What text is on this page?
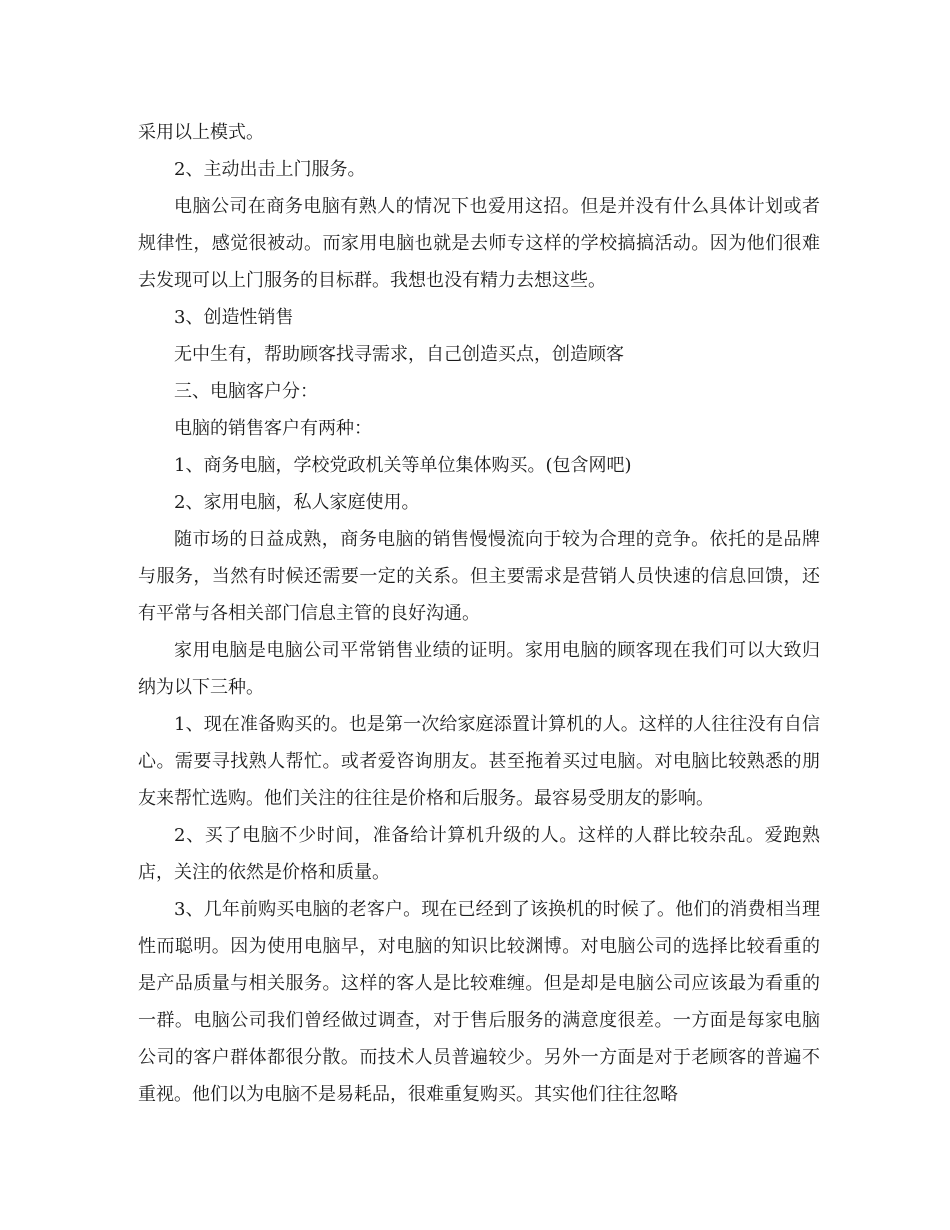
采用以上模式。

2、主动出击上门服务。

电脑公司在商务电脑有熟人的情况下也爱用这招。但是并没有什么具体计划或者规律性，感觉很被动。而家用电脑也就是去师专这样的学校搞搞活动。因为他们很难去发现可以上门服务的目标群。我想也没有精力去想这些。

3、创造性销售

无中生有，帮助顾客找寻需求，自己创造买点，创造顾客

三、电脑客户分：

电脑的销售客户有两种：

1、商务电脑，学校党政机关等单位集体购买。(包含网吧)

2、家用电脑，私人家庭使用。

随市场的日益成熟，商务电脑的销售慢慢流向于较为合理的竞争。依托的是品牌与服务，当然有时候还需要一定的关系。但主要需求是营销人员快速的信息回馈，还有平常与各相关部门信息主管的良好沟通。

家用电脑是电脑公司平常销售业绩的证明。家用电脑的顾客现在我们可以大致归纳为以下三种。

1、现在准备购买的。也是第一次给家庭添置计算机的人。这样的人往往没有自信心。需要寻找熟人帮忙。或者爱咨询朋友。甚至拖着买过电脑。对电脑比较熟悉的朋友来帮忙选购。他们关注的往往是价格和后服务。最容易受朋友的影响。

2、买了电脑不少时间，准备给计算机升级的人。这样的人群比较杂乱。爱跑熟店，关注的依然是价格和质量。

3、几年前购买电脑的老客户。现在已经到了该换机的时候了。他们的消费相当理性而聪明。因为使用电脑早，对电脑的知识比较渊博。对电脑公司的选择比较看重的是产品质量与相关服务。这样的客人是比较难缠。但是却是电脑公司应该最为看重的一群。电脑公司我们曾经做过调查，对于售后服务的满意度很差。一方面是每家电脑公司的客户群体都很分散。而技术人员普遍较少。另外一方面是对于老顾客的普遍不重视。他们以为电脑不是易耗品，很难重复购买。其实他们往往忽略
